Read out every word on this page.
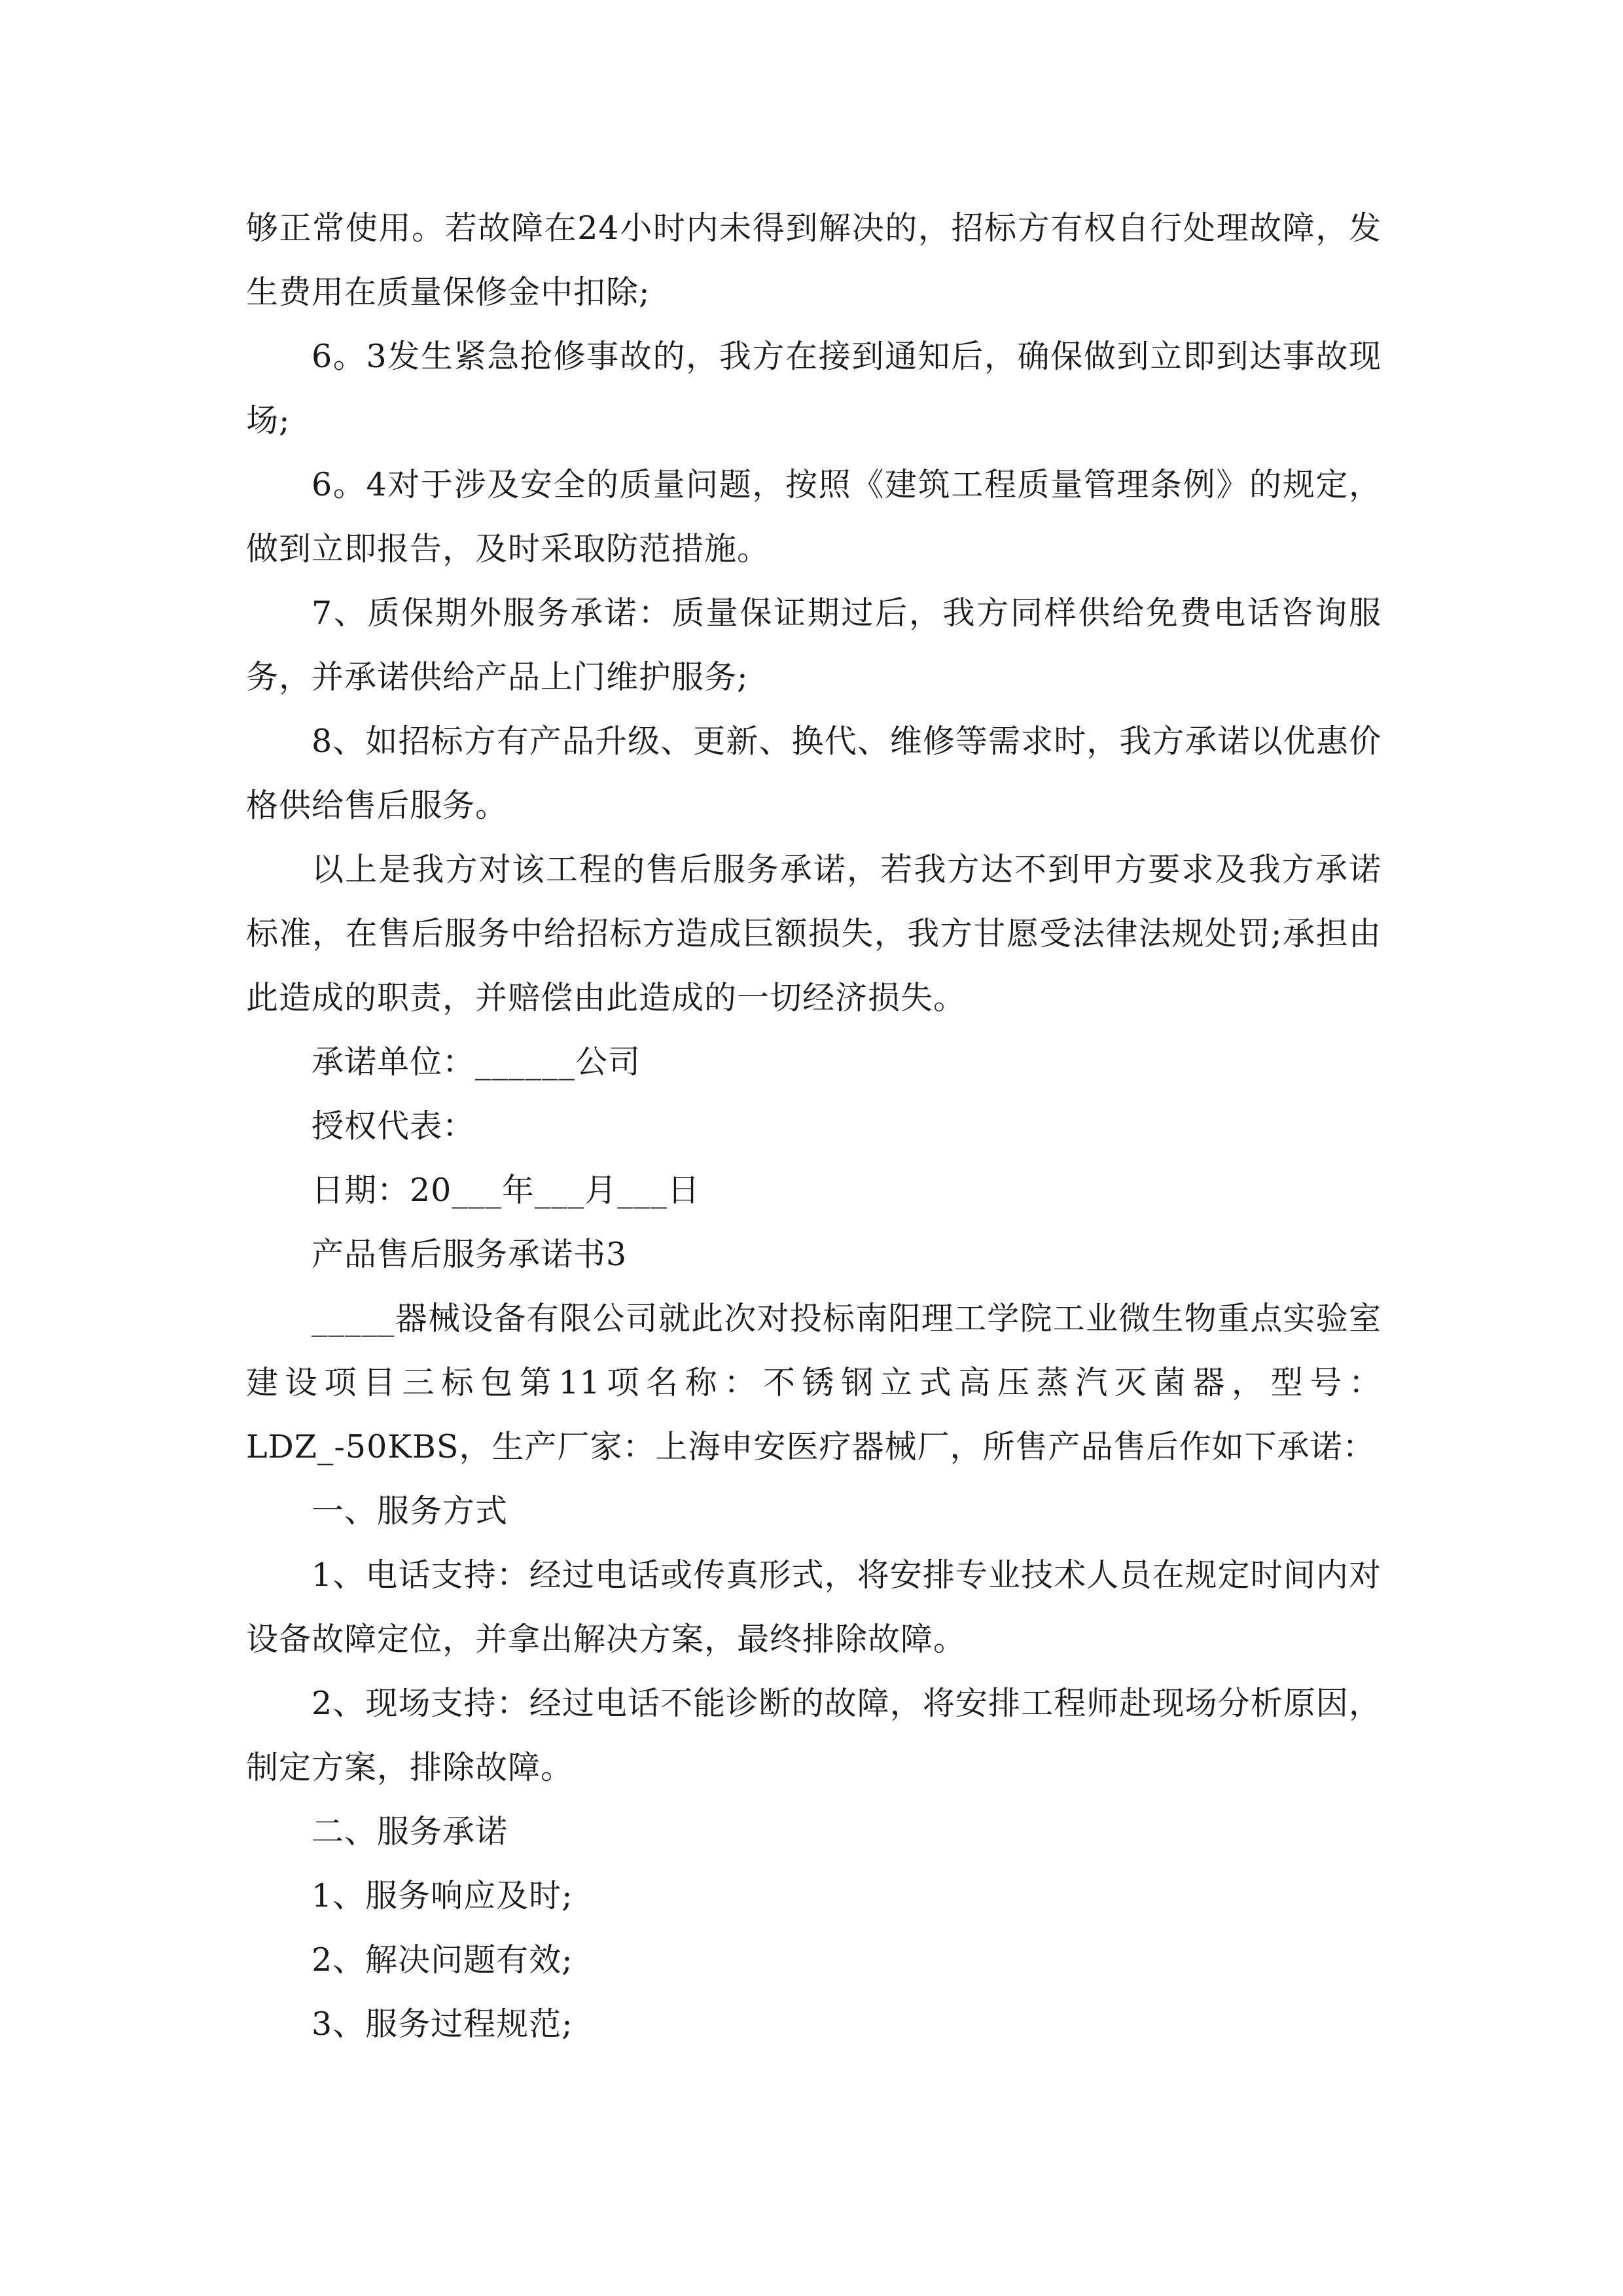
够正常使用。若故障在24小时内未得到解决的，招标方有权自行处理故障，发生费用在质量保修金中扣除;

6。3发生紧急抢修事故的，我方在接到通知后，确保做到立即到达事故现场;

6。4对于涉及安全的质量问题，按照《建筑工程质量管理条例》的规定，做到立即报告，及时采取防范措施。

7、质保期外服务承诺：质量保证期过后，我方同样供给免费电话咨询服务，并承诺供给产品上门维护服务;

8、如招标方有产品升级、更新、换代、维修等需求时，我方承诺以优惠价格供给售后服务。

以上是我方对该工程的售后服务承诺，若我方达不到甲方要求及我方承诺标准，在售后服务中给招标方造成巨额损失，我方甘愿受法律法规处罚;承担由此造成的职责，并赔偿由此造成的一切经济损失。

承诺单位：______公司

授权代表：

日期：20___年___月___日

产品售后服务承诺书3

_____器械设备有限公司就此次对投标南阳理工学院工业微生物重点实验室建设项目三标包第11项名称：不锈钢立式高压蒸汽灭菌器，型号：LDZ_-50KBS，生产厂家：上海申安医疗器械厂，所售产品售后作如下承诺：

一、服务方式

1、电话支持：经过电话或传真形式，将安排专业技术人员在规定时间内对设备故障定位，并拿出解决方案，最终排除故障。

2、现场支持：经过电话不能诊断的故障，将安排工程师赴现场分析原因，制定方案，排除故障。

二、服务承诺

1、服务响应及时;

2、解决问题有效;

3、服务过程规范;
